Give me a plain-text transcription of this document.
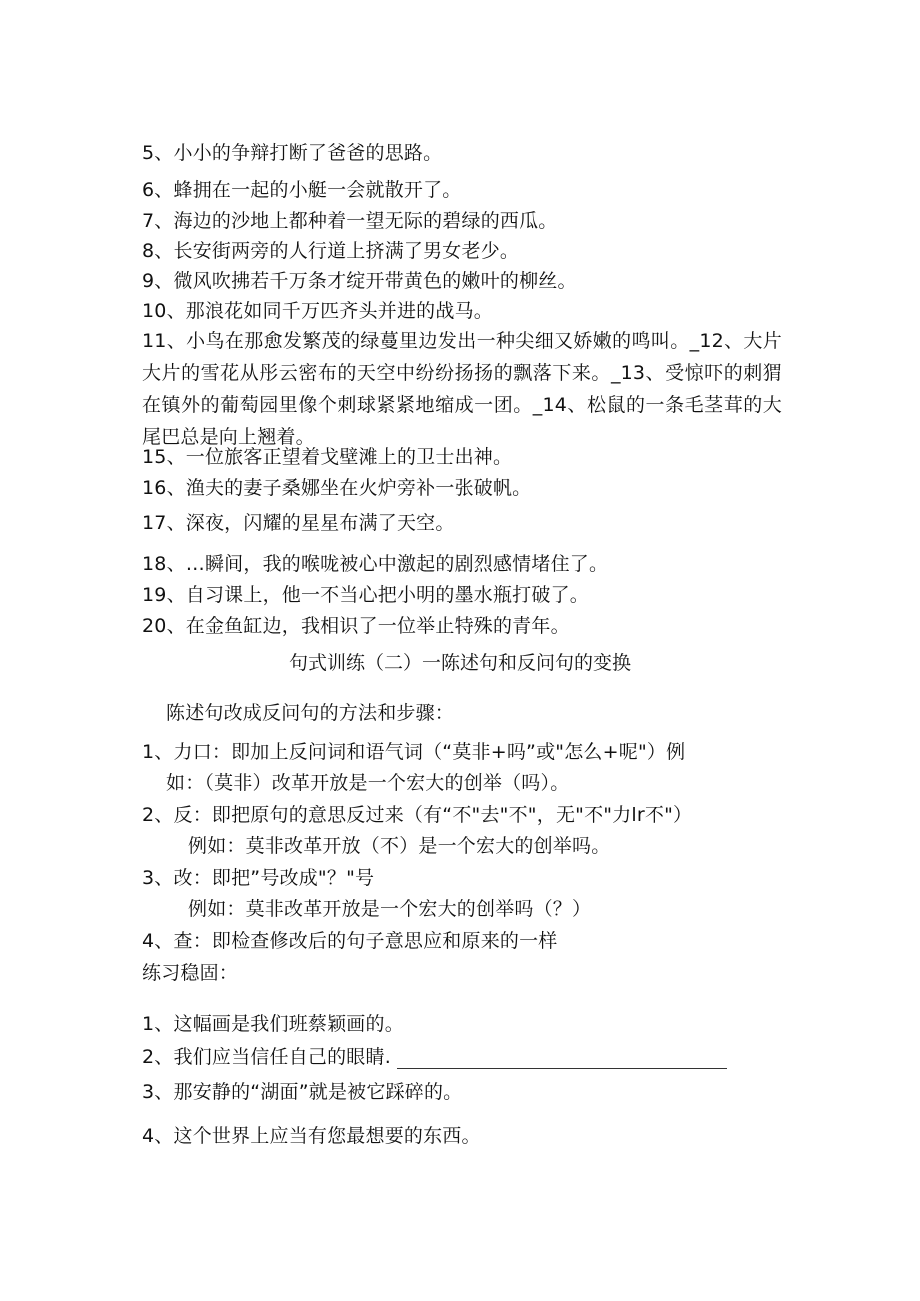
5、小小的争辩打断了爸爸的思路。
6、蜂拥在一起的小艇一会就散开了。
7、海边的沙地上都种着一望无际的碧绿的西瓜。
8、长安街两旁的人行道上挤满了男女老少。
9、微风吹拂若千万条才绽开带黄色的嫩叶的柳丝。
10、那浪花如同千万匹齐头并进的战马。
11、小鸟在那愈发繁茂的绿蔓里边发出一种尖细又娇嫩的鸣叫。_12、大片大片的雪花从彤云密布的天空中纷纷扬扬的飘落下来。_13、受惊吓的刺猬在镇外的葡萄园里像个刺球紧紧地缩成一团。_14、松鼠的一条毛茎茸的大尾巴总是向上翘着。
15、一位旅客正望着戈壁滩上的卫士出神。
16、渔夫的妻子桑娜坐在火炉旁补一张破帆。
17、深夜，闪耀的星星布满了天空。
18、…瞬间，我的喉咙被心中激起的剧烈感情堵住了。
19、自习课上，他一不当心把小明的墨水瓶打破了。
20、在金鱼缸边，我相识了一位举止特殊的青年。
句式训练（二）一陈述句和反问句的变换
陈述句改成反问句的方法和步骤：
1、力口：即加上反问词和语气词（“莫非+吗”或"怎么+呢"）例
如：（莫非）改革开放是一个宏大的创举（吗）。
2、反：即把原句的意思反过来（有“不"去"不"，无"不"力lr不"）
例如：莫非改革开放（不）是一个宏大的创举吗。
3、改：即把”号改成"？"号
例如：莫非改革开放是一个宏大的创举吗（？）
4、查：即检查修改后的句子意思应和原来的一样
练习稳固：
1、这幅画是我们班蔡颖画的。
2、我们应当信任自己的眼睛.
3、那安静的“湖面”就是被它踩碎的。
4、这个世界上应当有您最想要的东西。
